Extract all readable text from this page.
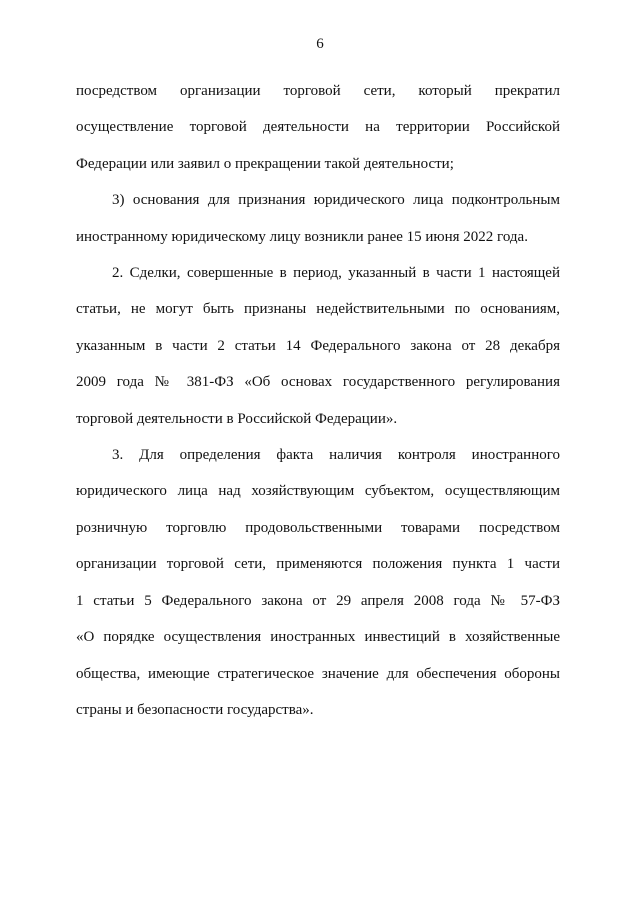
6

посредством организации торговой сети, который прекратил
осуществление торговой деятельности на территории Российской
Федерации или заявил о прекращении такой деятельности;

3) основания для признания юридического лица подконтрольным
иностранному юридическому лицу возникли ранее 15 июня 2022 года.

2. Сделки, совершенные в период, указанный в части 1 настоящей
статьи, не могут быть признаны недействительными по основаниям,
указанным в части 2 статьи 14 Федерального закона от 28 декабря
2009 года № 381-ФЗ «Об основах государственного регулирования
торговой деятельности в Российской Федерации».

3. Для определения факта наличия контроля иностранного
юридического лица над хозяйствующим субъектом, осуществляющим
розничную торговлю продовольственными товарами посредством
организации торговой сети, применяются положения пункта 1 части
1 статьи 5 Федерального закона от 29 апреля 2008 года № 57-ФЗ
«О порядке осуществления иностранных инвестиций в хозяйственные
общества, имеющие стратегическое значение для обеспечения обороны
страны и безопасности государства».
